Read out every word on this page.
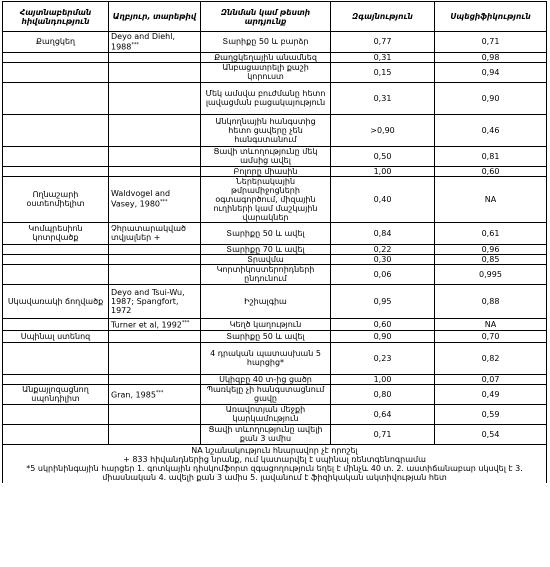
Հայտնաբերման հիվանդություն	Աղբյուր, տարեթիվ	Զննման կամ թեստի արդյունք	Զգայնություն	Սպեցիֆիկություն
Քաղցկեղ	Deyo and Diehl, 1988***	Տարիքը 50 և բարձր	0,77	0,71
		Քաղցկեղային անամնեզ	0,31	0,98
		Անբացատրելի քաշի կորուստ	0,15	0,94
		Մեկ ամսվա բուժմանը հետո լավացման բացակայություն	0,31	0,90
		Անկողնային հանգստից հետո ցավերը չեն հանգստանում	>0,90	0,46
		Ցավի տևողությունը մեկ ամսից ավել	0,50	0,81
		Բոլորը միասին	1,00	0,60
Ողնաշարի օստեոմիելիտ	Waldvogel and Vasey, 1980***	Ներերակային թմրամիջոցների օգտագործում, միզային ուղիների կամ մաշկային վարակներ	0,40	NA
Կոմպրեսիոն կոտրվածք	Չհրատարակված տվյալներ +	Տարիքը 50 և ավել	0,84	0,61
		Տարիքը 70 և ավել	0,22	0,96
		Տրավմա	0,30	0,85
		Կորտիկոստերոիդների ընդունում	0,06	0,995
Սկավառակի ճողվածք	Deyo and Tsui-Wu, 1987; Spangfort, 1972	Իշիալգիա	0,95	0,88
	Turner et al, 1992***	Կեղծ կաղություն	0,60	NA
Սպինալ ստենոզ		Տարիքը 50 և ավել	0,90	0,70
		4 դրական պատասխան 5 հարցից*	0,23	0,82
		Սկիզբը 40 տ-ից ցածր	1,00	0,07
Անքայլոզացնող սպոնդիլիտ	Gran, 1985***	Պառկելը չի հանգստացնում ցավը	0,80	0,49
		Առավոտյան մեջքի կարկամություն	0,64	0,59
		Ցավի տևողությունը ավելի քան 3 ամիս	0,71	0,54

NA նշանակություն հնարավոր չէ որոշել
+ 833 հիվանդներից նրանք, ում կատարվել է սպինալ ռենտգենոգրամա
*5 սկրինինգային հարցեր 1. գոտկային դիսկոմֆորտ զգացողություն եղել է մինչև 40 տ. 2. աստիճանաբար սկսվել է 3. միասնական 4. ավելի քան 3 ամիս 5. լավանում է ֆիզիկական ակտիվության հետ				
